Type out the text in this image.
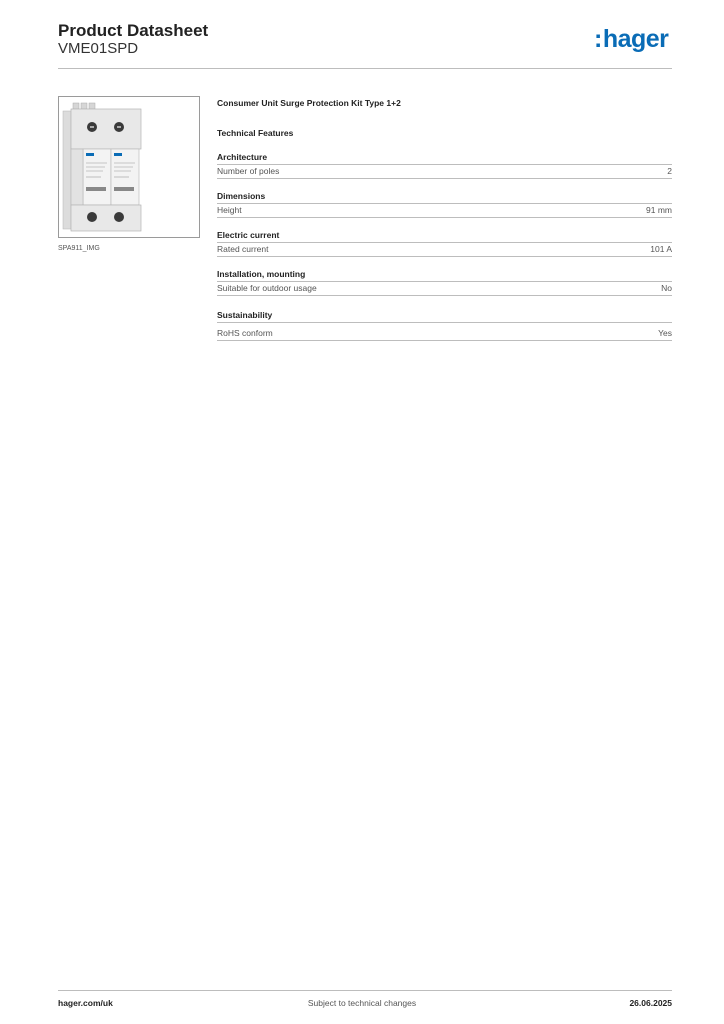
Product Datasheet
VME01SPD	:hager
SPA911_IMG
Consumer Unit Surge Protection Kit Type 1+2
Technical Features
Architecture
Number of poles	2
Dimensions
Height	91 mm
Electric current
Rated current	101 A
Installation, mounting
Suitable for outdoor usage	No
Sustainability
RoHS conform	Yes
hager.com/uk	Subject to technical changes	26.06.2025
